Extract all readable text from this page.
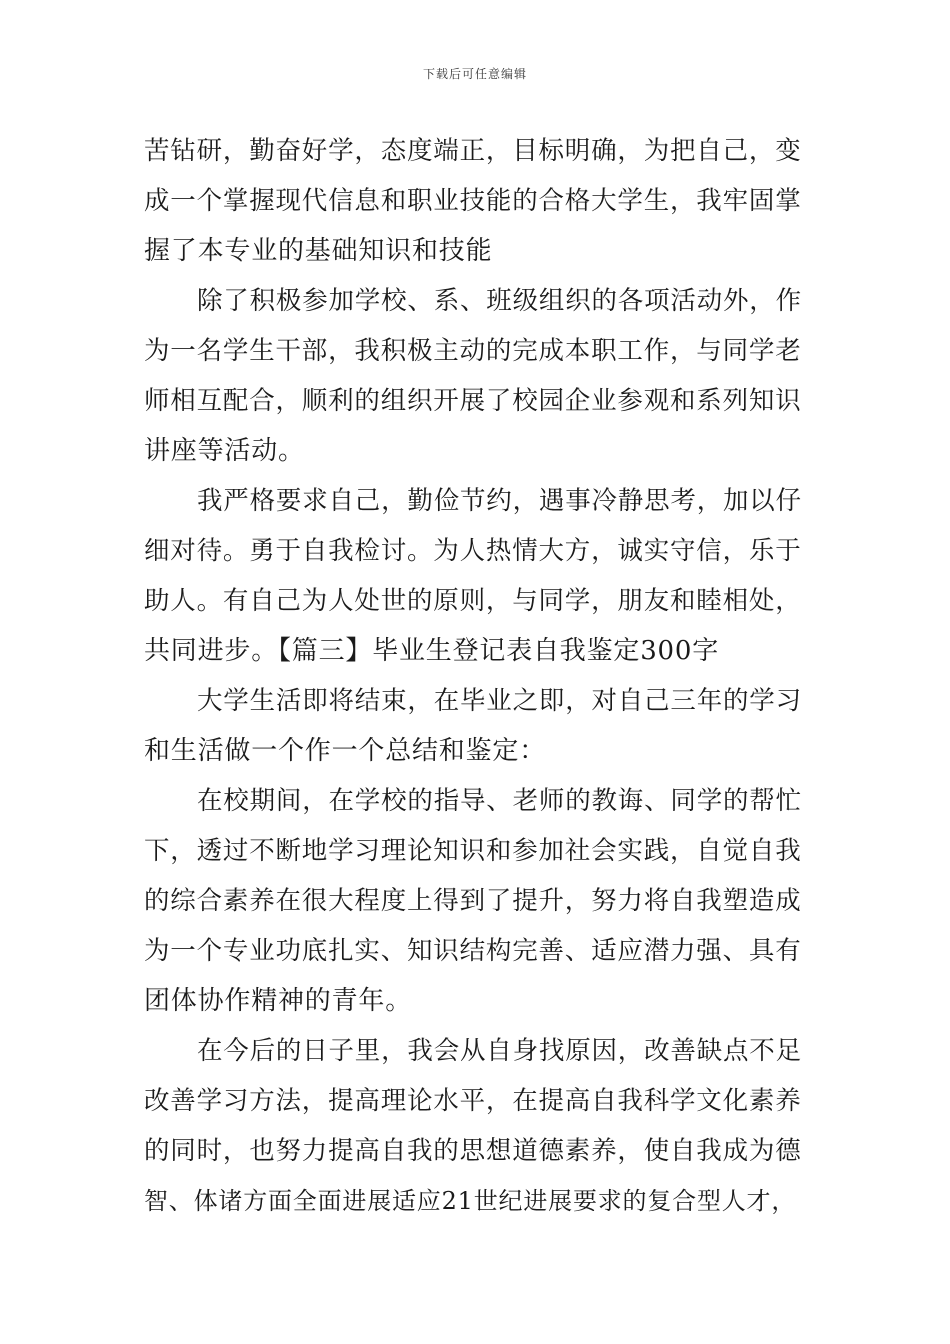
下载后可任意编辑
苦钻研，勤奋好学，态度端正，目标明确，为把自己，变
成一个掌握现代信息和职业技能的合格大学生，我牢固掌
握了本专业的基础知识和技能
除了积极参加学校、系、班级组织的各项活动外，作
为一名学生干部，我积极主动的完成本职工作，与同学老
师相互配合，顺利的组织开展了校园企业参观和系列知识
讲座等活动。
我严格要求自己，勤俭节约，遇事冷静思考，加以仔
细对待。勇于自我检讨。为人热情大方，诚实守信，乐于
助人。有自己为人处世的原则，与同学，朋友和睦相处，
共同进步。【篇三】毕业生登记表自我鉴定300字
大学生活即将结束，在毕业之即，对自己三年的学习
和生活做一个作一个总结和鉴定：
在校期间，在学校的指导、老师的教诲、同学的帮忙
下，透过不断地学习理论知识和参加社会实践，自觉自我
的综合素养在很大程度上得到了提升，努力将自我塑造成
为一个专业功底扎实、知识结构完善、适应潜力强、具有
团体协作精神的青年。
在今后的日子里，我会从自身找原因，改善缺点不足
改善学习方法，提高理论水平，在提高自我科学文化素养
的同时，也努力提高自我的思想道德素养，使自我成为德
智、体诸方面全面进展适应21世纪进展要求的复合型人才，
